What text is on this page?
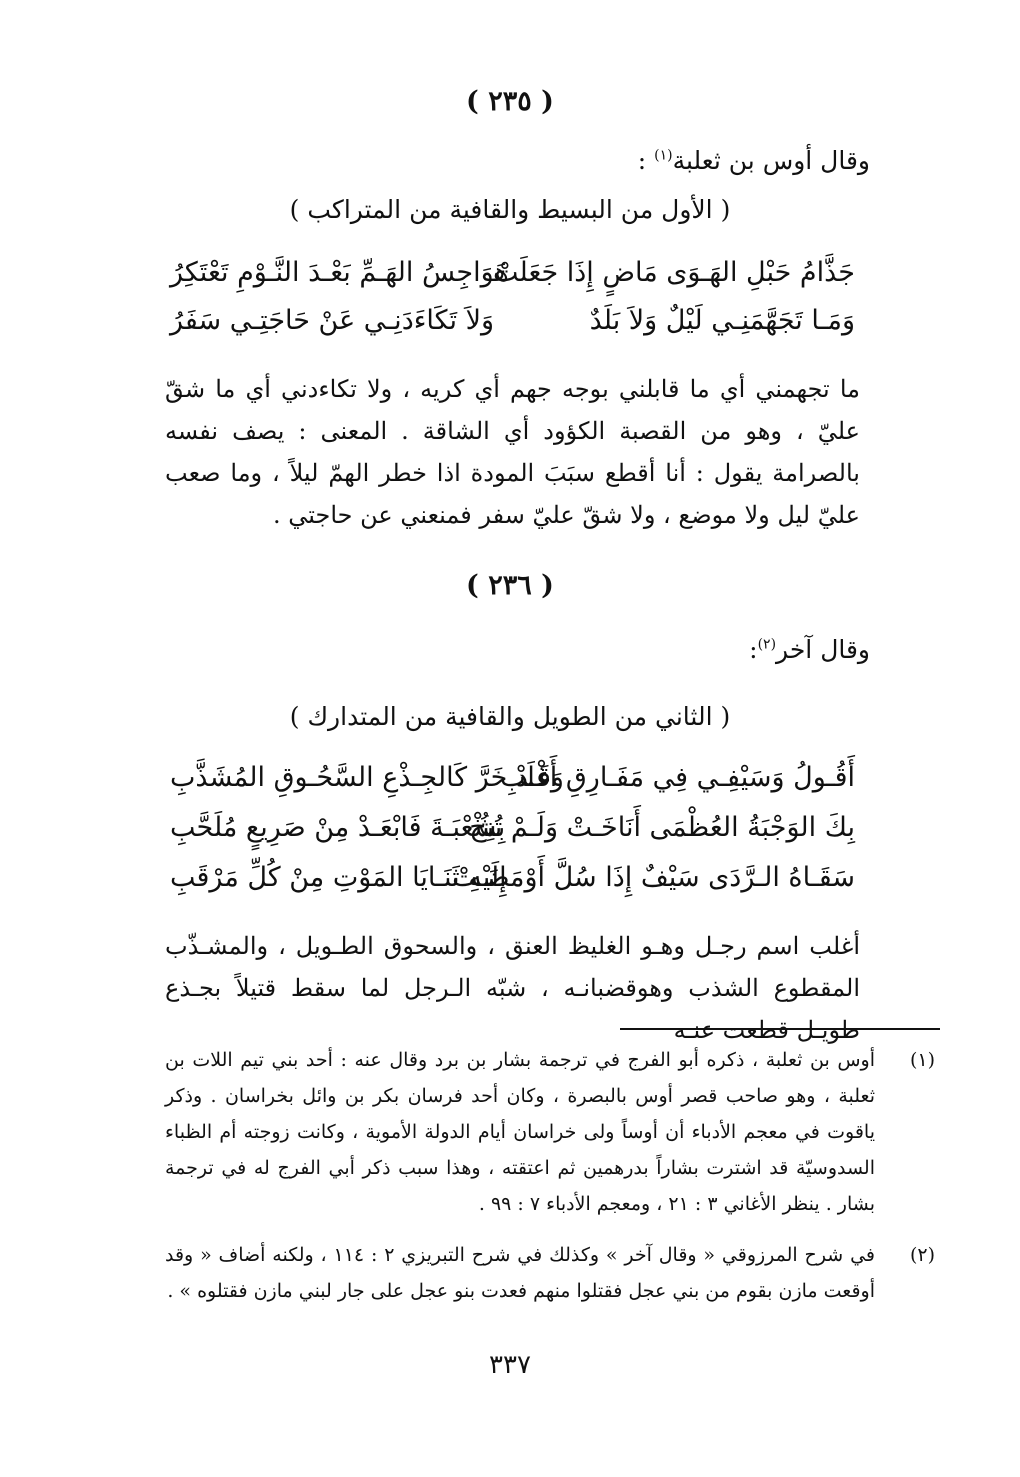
( ٢٣٥ )
وقال أوس بن ثعلبة$^{(١)}$ :
( الأول من البسيط والقافية من المتراكب )
جَذَّامُ حَبْلِ الهَـوَى مَاضٍ إِذَا جَعَلَتْ
هَوَاجِسُ الهَـمِّ بَعْـدَ النَّـوْمِ تَعْتَكِرُ
وَمَـا تَجَهَّمَنِـي لَيْلٌ وَلاَ بَلَدٌ
وَلاَ تَكَاءَدَنِـي عَنْ حَاجَتِـي سَفَرُ
ما تجهمني أي ما قابلني بوجه جهم أي كريه ، ولا تكاءدني أي ما شقّ عليّ ، وهو من القصبة الكؤود أي الشاقة . المعنى : يصف نفسه بالصرامة يقول : أنا أقطع سبَبَ المودة اذا خطر الهمّ ليلاً ، وما صعب عليّ ليل ولا موضع ، ولا شقّ عليّ سفر فمنعني عن حاجتي .
( ٢٣٦ )
وقال آخر$^{(٢)}$:
( الثاني من الطويل والقافية من المتدارك )
أَقُـولُ وَسَيْفِـي فِي مَفَـارِقِ أَغْلَبِ
وَقَـدْ خَرَّ كَالجِـذْعِ السَّحُـوقِ المُشَذَّبِ
بِكَ الوَجْبَةُ العُظْمَى أَنَاخَـتْ وَلَـمْ تُنِخْ
بِشُعْبَـةَ فَابْعَـدْ مِنْ صَرِيعٍ مُلَحَّبِ
سَقَـاهُ الـرَّدَى سَيْفٌ إِذَا سُلَّ أَوْمَضَـتْ
إِلَيْهِ ثَنَـايَا المَوْتِ مِنْ كُلِّ مَرْقَبِ
أغلب اسم رجـل وهـو الغليظ العنق ، والسحوق الطـويل ، والمشـذّب المقطوع الشذب وهوقضبانـه ، شبّه الـرجل لما سقط قتيلاً بجـذع طويـل قطعت عنـه
(١)
أوس بن ثعلبة ، ذكره أبو الفرج في ترجمة بشار بن برد وقال عنه : أحد بني تيم اللات بن ثعلبة ، وهو صاحب قصر أوس بالبصرة ، وكان أحد فرسان بكر بن وائل بخراسان . وذكر ياقوت في معجم الأدباء أن أوساً ولى خراسان أيام الدولة الأموية ، وكانت زوجته أم الظباء السدوسيّة قد اشترت بشاراً بدرهمين ثم اعتقته ، وهذا سبب ذكر أبي الفرج له في ترجمة بشار . ينظر الأغاني ٣ : ٢١ ، ومعجم الأدباء ٧ : ٩٩ .
(٢)
في شرح المرزوقي « وقال آخر » وكذلك في شرح التبريزي ٢ : ١١٤ ، ولكنه أضاف « وقد أوقعت مازن بقوم من بني عجل فقتلوا منهم فعدت بنو عجل على جار لبني مازن فقتلوه » .
٣٣٧
